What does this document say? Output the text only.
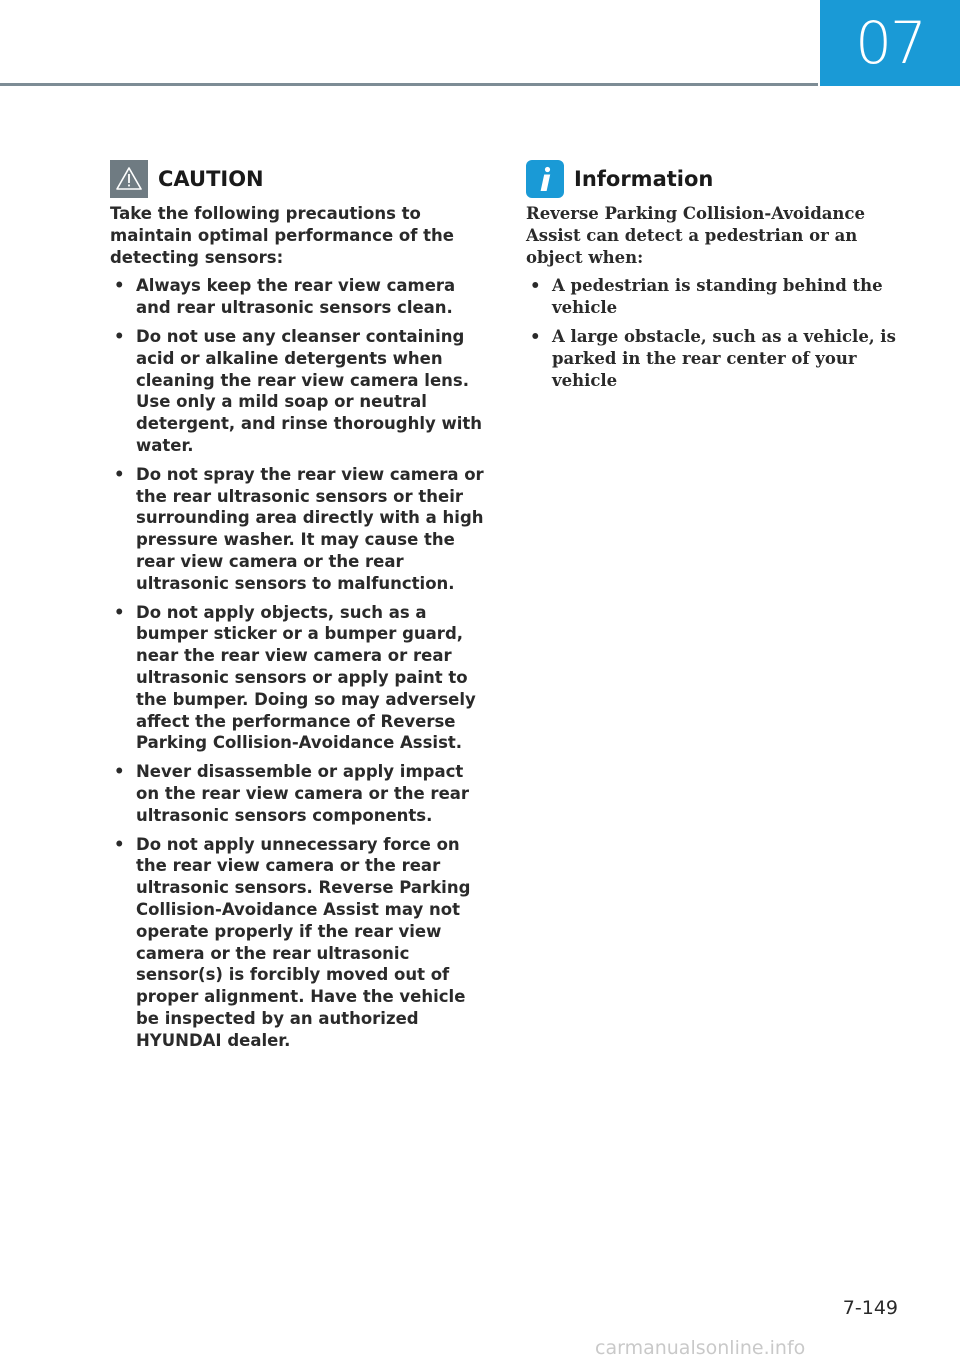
07
CAUTION

Take the following precautions to maintain optimal performance of the detecting sensors:

• Always keep the rear view camera and rear ultrasonic sensors clean.
• Do not use any cleanser containing acid or alkaline detergents when cleaning the rear view camera lens. Use only a mild soap or neutral detergent, and rinse thoroughly with water.
• Do not spray the rear view camera or the rear ultrasonic sensors or their surrounding area directly with a high pressure washer. It may cause the rear view camera or the rear ultrasonic sensors to malfunction.
• Do not apply objects, such as a bumper sticker or a bumper guard, near the rear view camera or rear ultrasonic sensors or apply paint to the bumper. Doing so may adversely affect the performance of Reverse Parking Collision-Avoidance Assist.
• Never disassemble or apply impact on the rear view camera or the rear ultrasonic sensors components.
• Do not apply unnecessary force on the rear view camera or the rear ultrasonic sensors. Reverse Parking Collision-Avoidance Assist may not operate properly if the rear view camera or the rear ultrasonic sensor(s) is forcibly moved out of proper alignment. Have the vehicle be inspected by an authorized HYUNDAI dealer.
Information

Reverse Parking Collision-Avoidance Assist can detect a pedestrian or an object when:

• A pedestrian is standing behind the vehicle
• A large obstacle, such as a vehicle, is parked in the rear center of your vehicle
7-149
carmanualsonline.info
